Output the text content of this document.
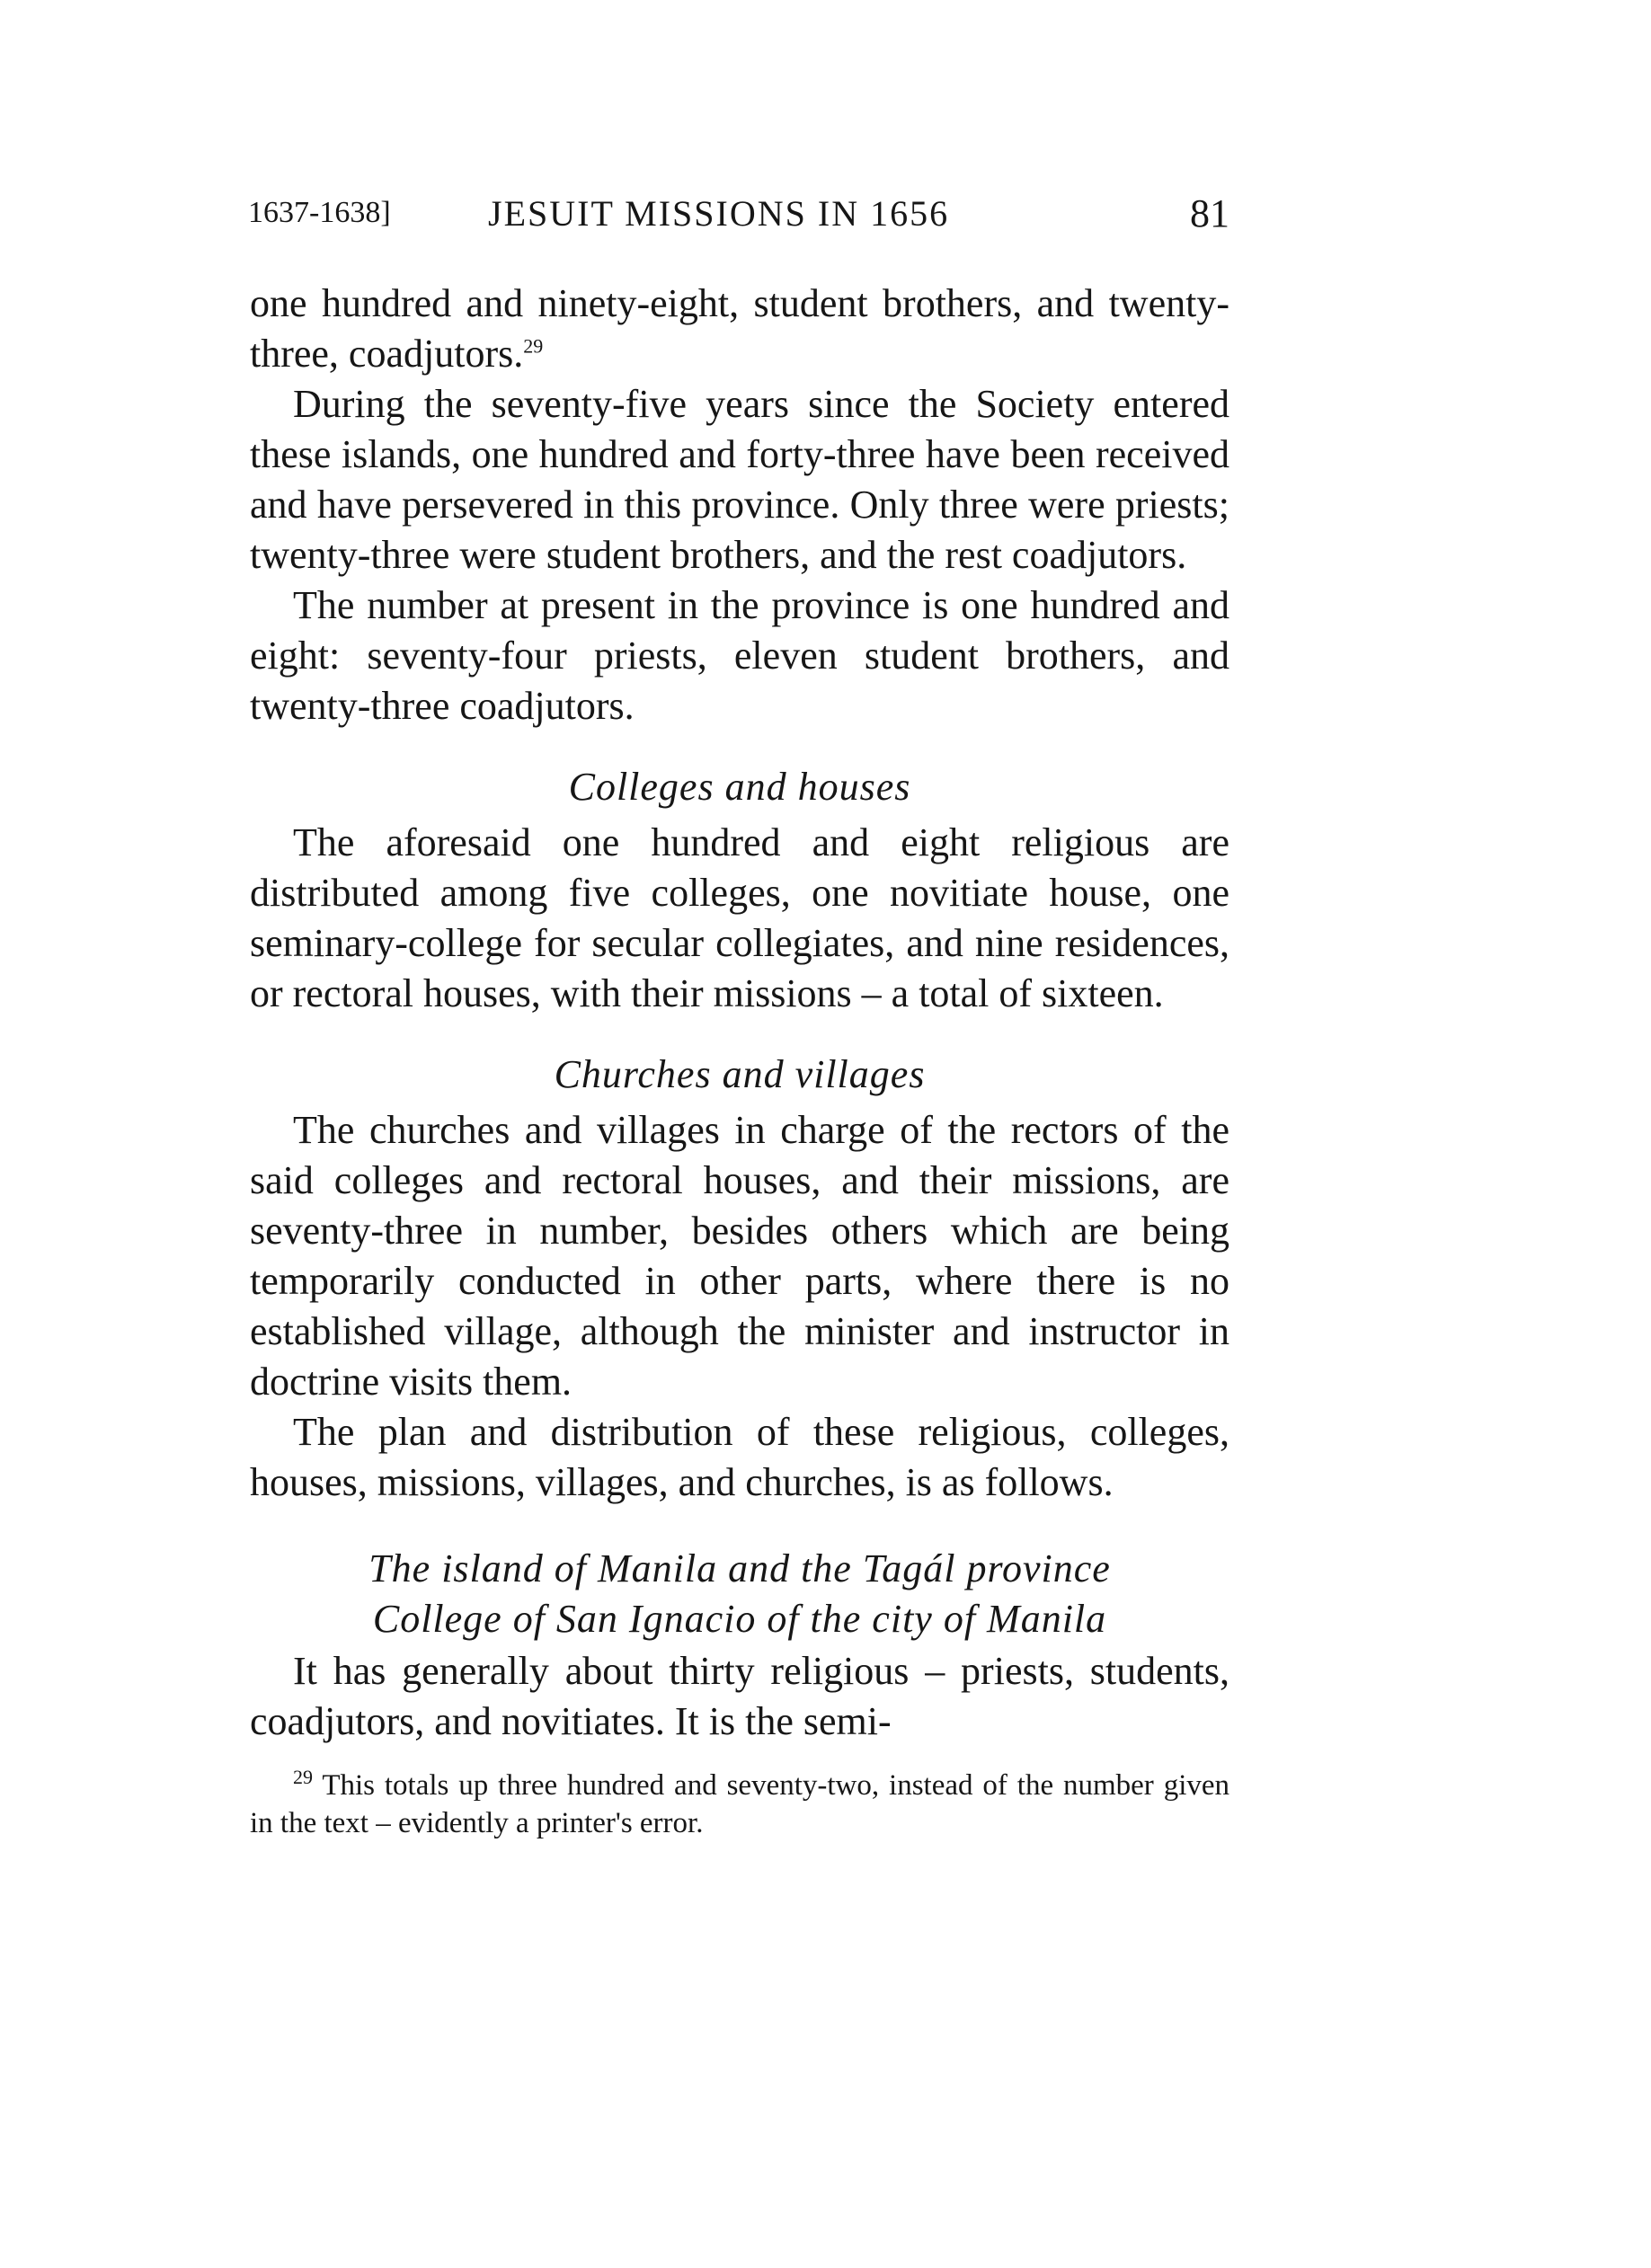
1637-1638]	JESUIT MISSIONS IN 1656	81

one hundred and ninety-eight, student brothers, and twenty-three, coadjutors.$^{29}$

During the seventy-five years since the Society entered these islands, one hundred and forty-three have been received and have persevered in this province. Only three were priests; twenty-three were student brothers, and the rest coadjutors.

The number at present in the province is one hundred and eight: seventy-four priests, eleven student brothers, and twenty-three coadjutors.

Colleges and houses

The aforesaid one hundred and eight religious are distributed among five colleges, one novitiate house, one seminary-college for secular collegiates, and nine residences, or rectoral houses, with their missions – a total of sixteen.

Churches and villages

The churches and villages in charge of the rectors of the said colleges and rectoral houses, and their missions, are seventy-three in number, besides others which are being temporarily conducted in other parts, where there is no established village, although the minister and instructor in doctrine visits them.

The plan and distribution of these religious, colleges, houses, missions, villages, and churches, is as follows.

The island of Manila and the Tagál province
College of San Ignacio of the city of Manila

It has generally about thirty religious – priests, students, coadjutors, and novitiates. It is the semi-

$^{29}$ This totals up three hundred and seventy-two, instead of the number given in the text – evidently a printer's error.
